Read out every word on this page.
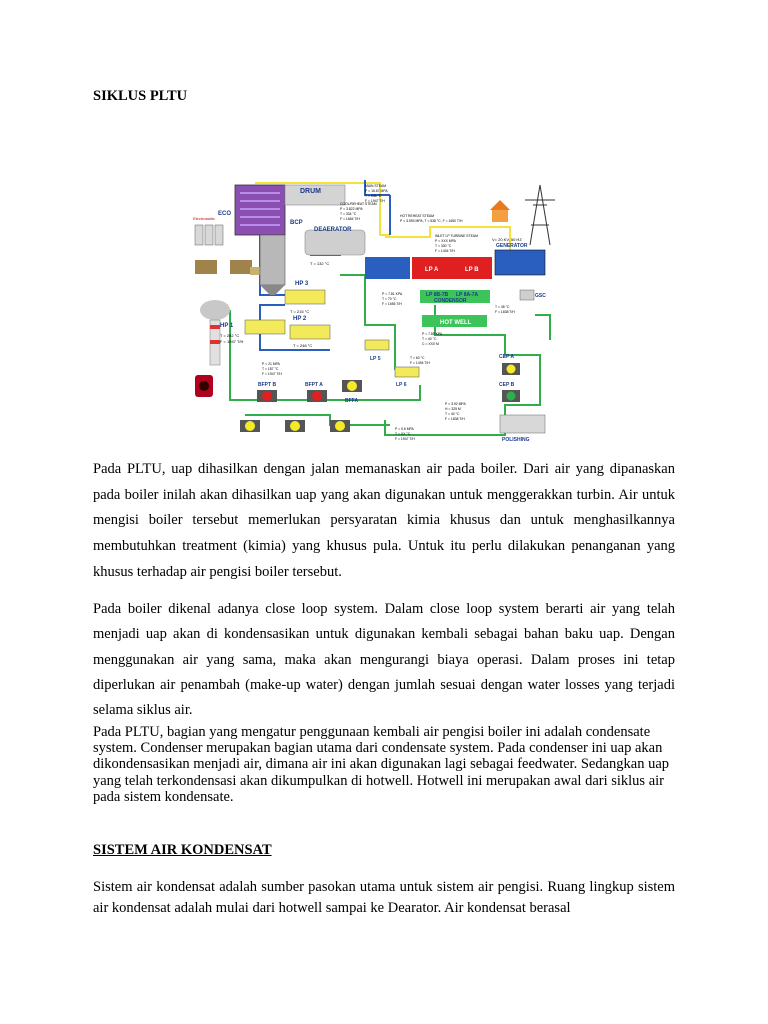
SIKLUS PLTU
Electrostatic
ECO
DRUM
BCP
DEAERATOR
T = 132 °C
HP 3
T = 215 °C
HP 1
T = 282 °C
F = 1947 T/H
HP 2
T = 248 °C
LP A	LP B
GENERATOR
V= 20 KV, 50 HZ
LP 8B-7B LP 8A-7A
CONDENSOR
HOT WELL
GSC
LP 5
LP 6
BFPT B	BFPT A
BFFA
CEP A
CEP B
POLISHING
MAIN STEAM
P = 16.67 MPA
T = 538 °C
F = 1947 T/H
COOL/REHEAT STEAM
P = 3.822 MPA
T = 334 °C
F = 1664 T/H
HOT REHEAT STEAM
P = 3.593 MPA, T = 538 °C, F = 1650 T/H
INLET LP TURBINE STEAM
P = XXX MPA
T = 330 °C
F = 1404 T/H
P = 7.81 KPA
T = 70 °C
F = 1655 T/H
P = 7.85 KPA
T = 40 °C
C = XXX M
T = 45 °C
F = 1838 T/H
T = 60 °C
F = 1494 T/H
P = 3.92 MPA
H = 325 M
T = 40 °C
F = 1838 T/H
P = 21 MPA
T = 187 °C
F = 1947 T/H
P = 0.6 MPA
T = XX °C
F = 1947 T/H

Pada PLTU, uap dihasilkan dengan jalan memanaskan air pada boiler. Dari air yang dipanaskan pada boiler inilah akan dihasilkan uap yang akan digunakan untuk menggerakkan turbin. Air untuk mengisi boiler tersebut memerlukan persyaratan kimia khusus dan untuk menghasilkannya membutuhkan treatment (kimia) yang khusus pula. Untuk itu perlu dilakukan penanganan yang khusus terhadap air pengisi boiler tersebut.

Pada boiler dikenal adanya close loop system. Dalam close loop system berarti air yang telah menjadi uap akan di kondensasikan untuk digunakan kembali sebagai bahan baku uap. Dengan menggunakan air yang sama, maka akan mengurangi biaya operasi. Dalam proses ini tetap diperlukan air penambah (make-up water) dengan jumlah sesuai dengan water losses yang terjadi selama siklus air.

Pada PLTU, bagian yang mengatur penggunaan kembali air pengisi boiler ini adalah condensate system. Condenser merupakan bagian utama dari condensate system. Pada condenser ini uap akan dikondensasikan menjadi air, dimana air ini akan digunakan lagi sebagai feedwater. Sedangkan uap yang telah terkondensasi akan dikumpulkan di hotwell. Hotwell ini merupakan awal dari siklus air pada sistem kondensate.

SISTEM AIR KONDENSAT

Sistem air kondensat adalah sumber pasokan utama untuk sistem air pengisi. Ruang lingkup sistem air kondensat adalah mulai dari hotwell sampai ke Dearator. Air kondensat berasal
